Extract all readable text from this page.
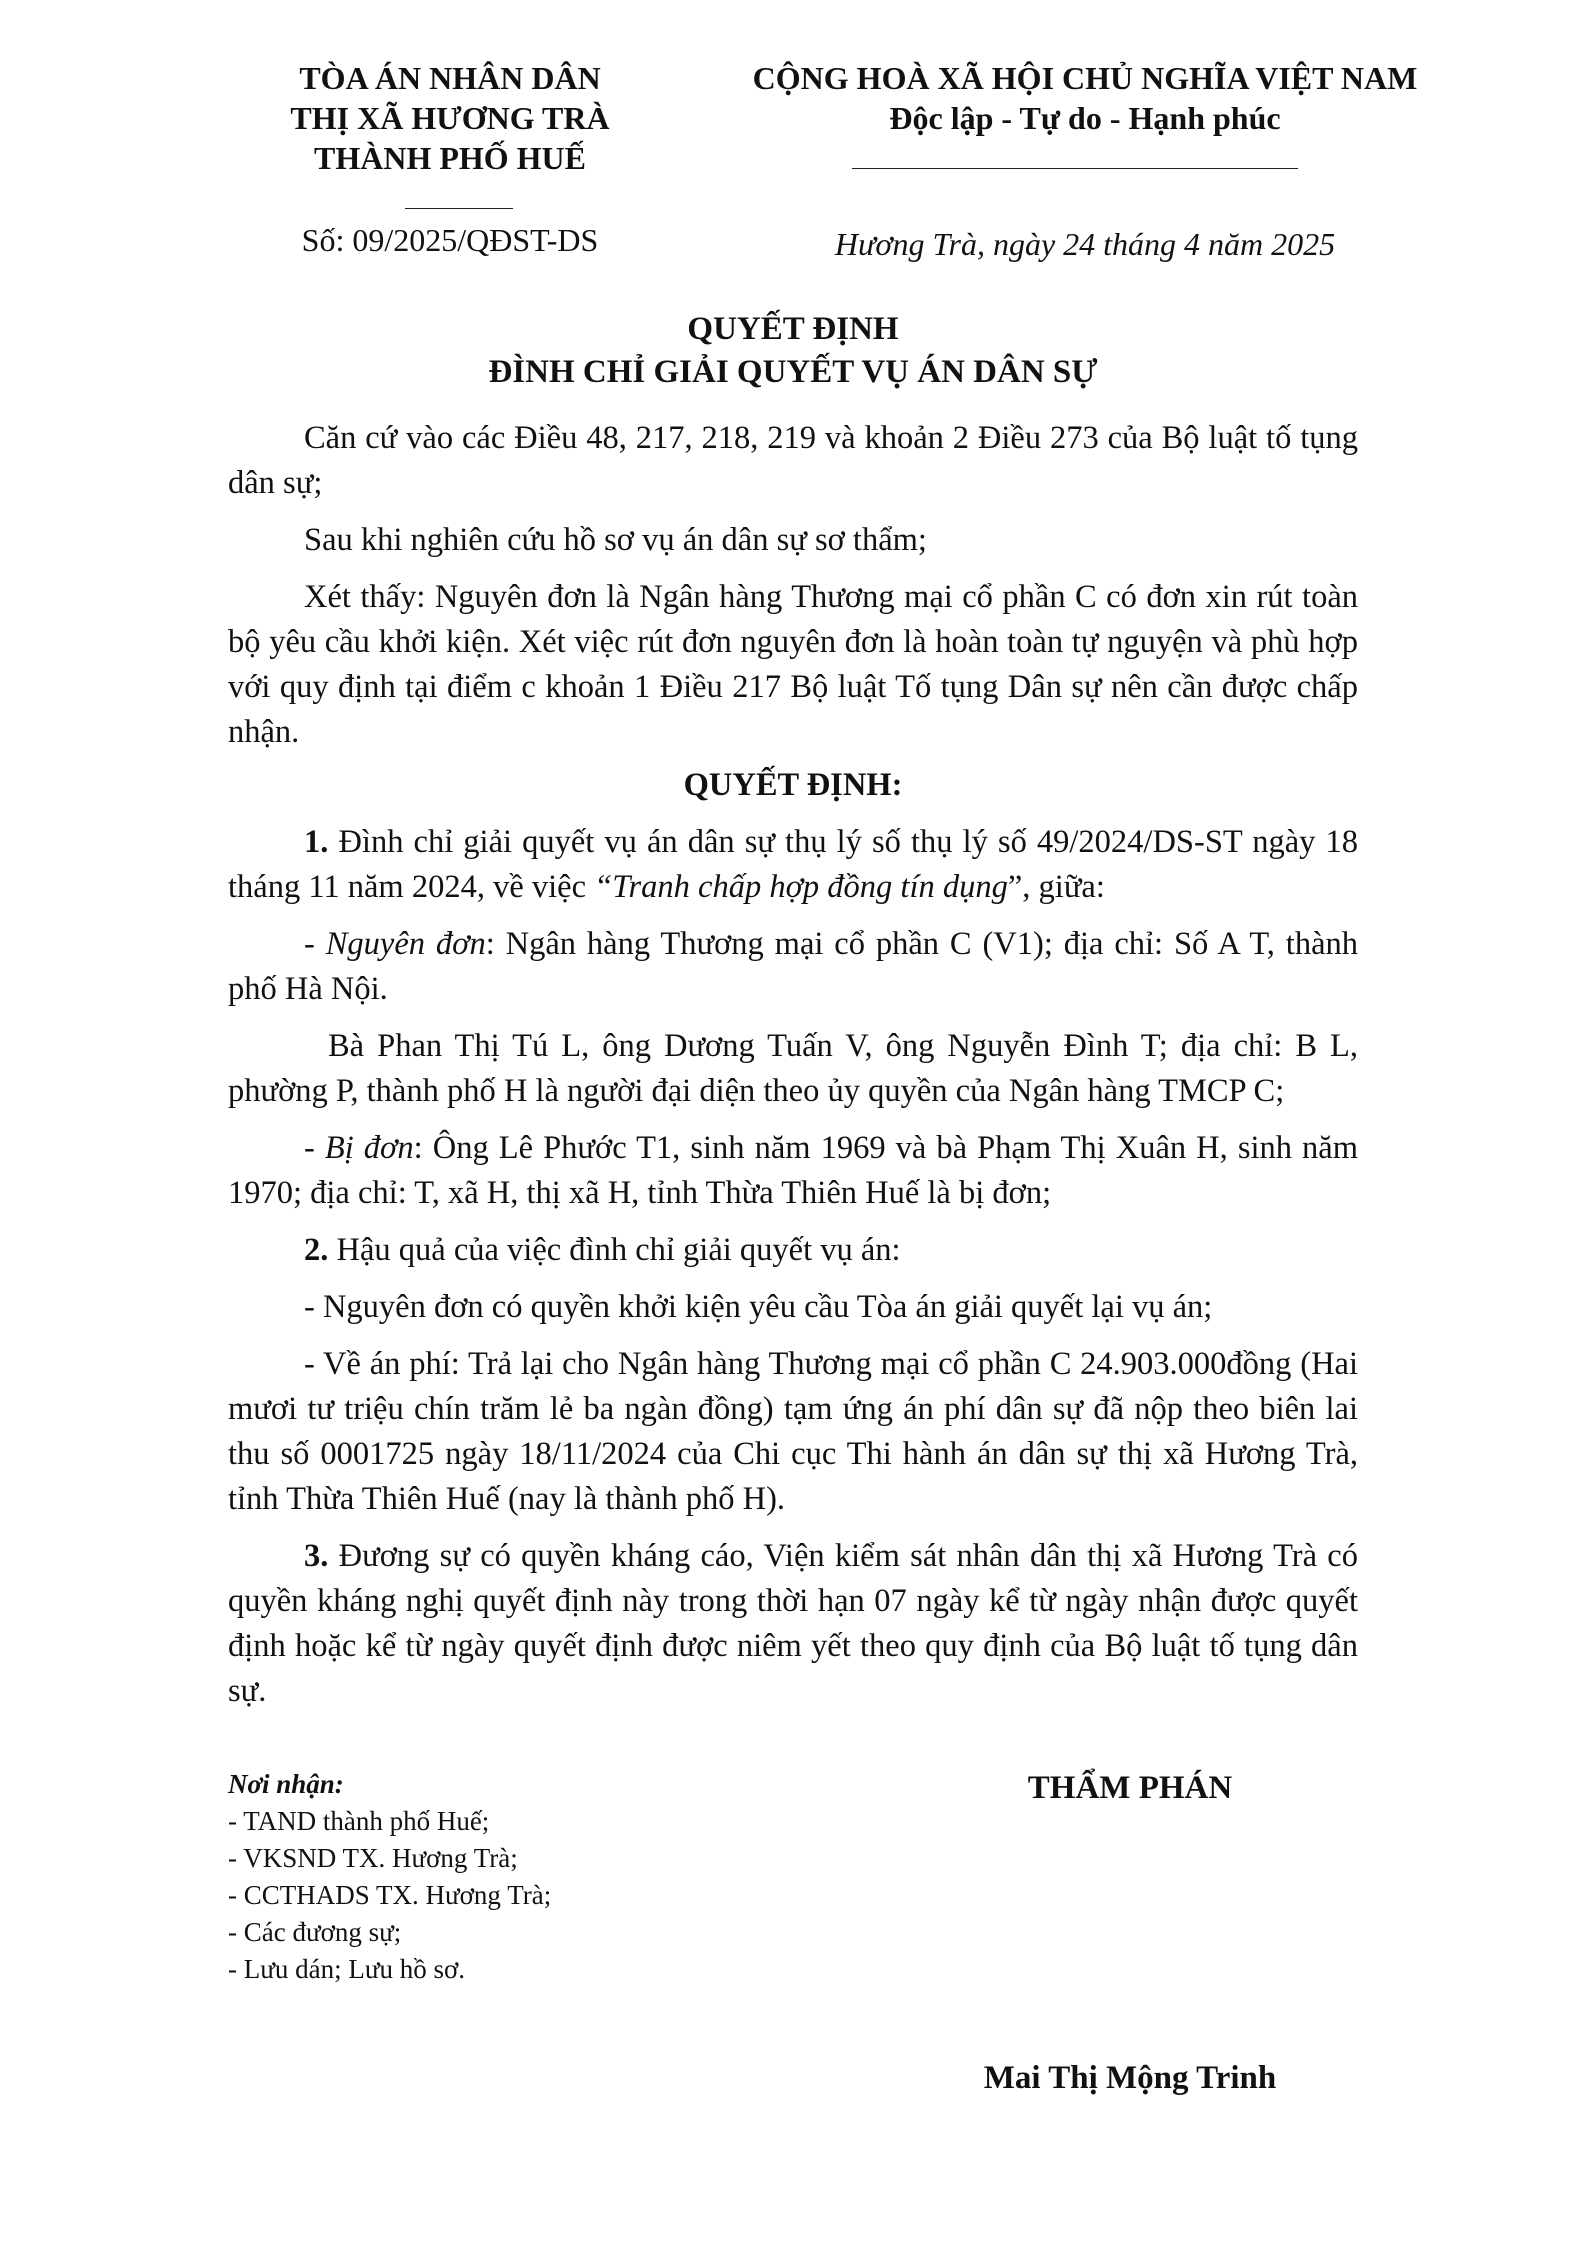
TÒA ÁN NHÂN DÂN
THỊ XÃ HƯƠNG TRÀ
THÀNH PHỐ HUẾ
Số: 09/2025/QĐST-DS
CỘNG HOÀ XÃ HỘI CHỦ NGHĨA VIỆT NAM
Độc lập - Tự do - Hạnh phúc
Hương Trà, ngày 24 tháng 4 năm 2025
QUYẾT ĐỊNH
ĐÌNH CHỈ GIẢI QUYẾT VỤ ÁN DÂN SỰ

Căn cứ vào các Điều 48, 217, 218, 219 và khoản 2 Điều 273 của Bộ luật tố tụng dân sự;

Sau khi nghiên cứu hồ sơ vụ án dân sự sơ thẩm;

Xét thấy: Nguyên đơn là Ngân hàng Thương mại cổ phần C có đơn xin rút toàn bộ yêu cầu khởi kiện. Xét việc rút đơn nguyên đơn là hoàn toàn tự nguyện và phù hợp với quy định tại điểm c khoản 1 Điều 217 Bộ luật Tố tụng Dân sự nên cần được chấp nhận.

QUYẾT ĐỊNH:

1. Đình chỉ giải quyết vụ án dân sự thụ lý số thụ lý số 49/2024/DS-ST ngày 18 tháng 11 năm 2024, về việc “Tranh chấp hợp đồng tín dụng”, giữa:

- Nguyên đơn: Ngân hàng Thương mại cổ phần C (V1); địa chỉ: Số A T, thành phố Hà Nội.

Bà Phan Thị Tú L, ông Dương Tuấn V, ông Nguyễn Đình T; địa chỉ: B L, phường P, thành phố H là người đại diện theo ủy quyền của Ngân hàng TMCP C;

- Bị đơn: Ông Lê Phước T1, sinh năm 1969 và bà Phạm Thị Xuân H, sinh năm 1970; địa chỉ: T, xã H, thị xã H, tỉnh Thừa Thiên Huế là bị đơn;

2. Hậu quả của việc đình chỉ giải quyết vụ án:

- Nguyên đơn có quyền khởi kiện yêu cầu Tòa án giải quyết lại vụ án;

- Về án phí: Trả lại cho Ngân hàng Thương mại cổ phần C 24.903.000đồng (Hai mươi tư triệu chín trăm lẻ ba ngàn đồng) tạm ứng án phí dân sự đã nộp theo biên lai thu số 0001725 ngày 18/11/2024 của Chi cục Thi hành án dân sự thị xã Hương Trà, tỉnh Thừa Thiên Huế (nay là thành phố H).

3. Đương sự có quyền kháng cáo, Viện kiểm sát nhân dân thị xã Hương Trà có quyền kháng nghị quyết định này trong thời hạn 07 ngày kể từ ngày nhận được quyết định hoặc kể từ ngày quyết định được niêm yết theo quy định của Bộ luật tố tụng dân sự.

Nơi nhận:
- TAND thành phố Huế;
- VKSND TX. Hương Trà;
- CCTHADS TX. Hương Trà;
- Các đương sự;
- Lưu dán; Lưu hồ sơ.
THẨM PHÁN
Mai Thị Mộng Trinh
